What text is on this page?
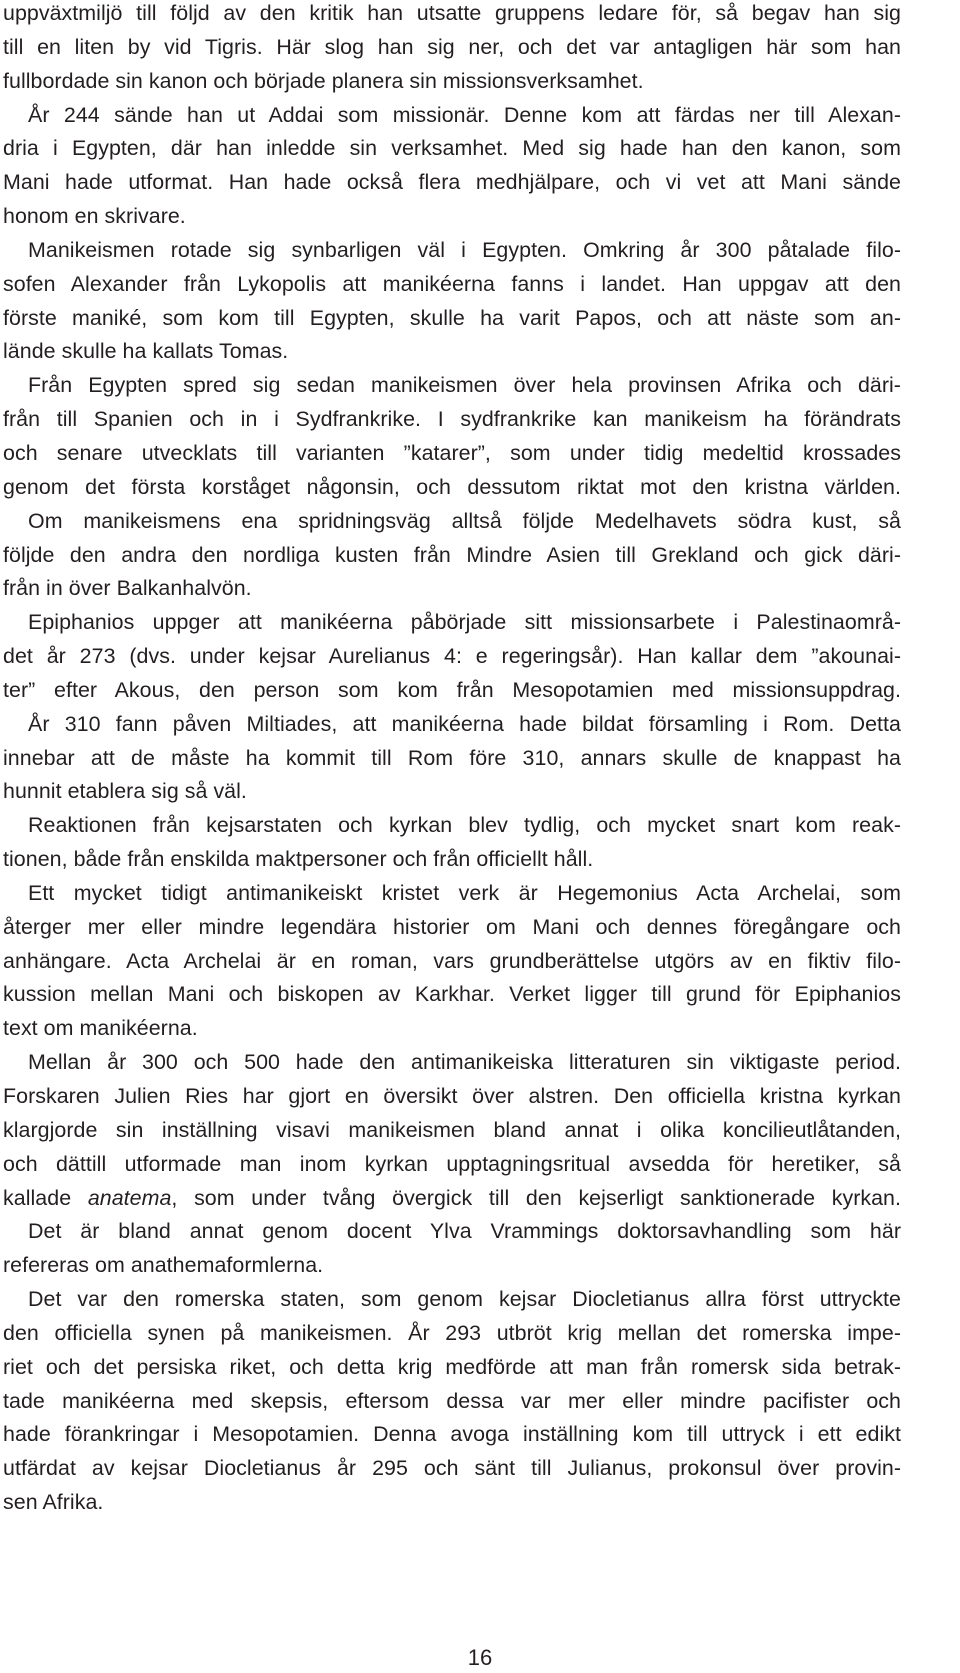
uppväxtmiljö till följd av den kritik han utsatte gruppens ledare för, så begav han sig
till en liten by vid Tigris. Här slog han sig ner, och det var antagligen här som han
fullbordade sin kanon och började planera sin missionsverksamhet.
År 244 sände han ut Addai som missionär. Denne kom att färdas ner till Alexan-
dria i Egypten, där han inledde sin verksamhet. Med sig hade han den kanon, som
Mani hade utformat. Han hade också flera medhjälpare, och vi vet att Mani sände
honom en skrivare.
Manikeismen rotade sig synbarligen väl i Egypten. Omkring år 300 påtalade filo-
sofen Alexander från Lykopolis att manikéerna fanns i landet. Han uppgav att den
förste maniké, som kom till Egypten, skulle ha varit Papos, och att näste som an-
lände skulle ha kallats Tomas.
Från Egypten spred sig sedan manikeismen över hela provinsen Afrika och däri-
från till Spanien och in i Sydfrankrike. I sydfrankrike kan manikeism ha förändrats
och senare utvecklats till varianten ”katarer”, som under tidig medeltid krossades
genom det första korståget någonsin, och dessutom riktat mot den kristna världen.
Om manikeismens ena spridningsväg alltså följde Medelhavets södra kust, så
följde den andra den nordliga kusten från Mindre Asien till Grekland och gick däri-
från in över Balkanhalvön.
Epiphanios uppger att manikéerna påbörjade sitt missionsarbete i Palestinaområ-
det år 273 (dvs. under kejsar Aurelianus 4: e regeringsår). Han kallar dem ”akounai-
ter” efter Akous, den person som kom från Mesopotamien med missionsuppdrag.
År 310 fann påven Miltiades, att manikéerna hade bildat församling i Rom. Detta
innebar att de måste ha kommit till Rom före 310, annars skulle de knappast ha
hunnit etablera sig så väl.
Reaktionen från kejsarstaten och kyrkan blev tydlig, och mycket snart kom reak-
tionen, både från enskilda maktpersoner och från officiellt håll.
Ett mycket tidigt antimanikeiskt kristet verk är Hegemonius Acta Archelai, som
återger mer eller mindre legendära historier om Mani och dennes föregångare och
anhängare. Acta Archelai är en roman, vars grundberättelse utgörs av en fiktiv filo-
kussion mellan Mani och biskopen av Karkhar. Verket ligger till grund för Epiphanios
text om manikéerna.
Mellan år 300 och 500 hade den antimanikeiska litteraturen sin viktigaste period.
Forskaren Julien Ries har gjort en översikt över alstren. Den officiella kristna kyrkan
klargjorde sin inställning visavi manikeismen bland annat i olika koncilieutlåtanden,
och dättill utformade man inom kyrkan upptagningsritual avsedda för heretiker, så
kallade anatema, som under tvång övergick till den kejserligt sanktionerade kyrkan.
Det är bland annat genom docent Ylva Vrammings doktorsavhandling som här
refereras om anathemaformlerna.
Det var den romerska staten, som genom kejsar Diocletianus allra först uttryckte
den officiella synen på manikeismen. År 293 utbröt krig mellan det romerska impe-
riet och det persiska riket, och detta krig medförde att man från romersk sida betrak-
tade manikéerna med skepsis, eftersom dessa var mer eller mindre pacifister och
hade förankringar i Mesopotamien. Denna avoga inställning kom till uttryck i ett edikt
utfärdat av kejsar Diocletianus år 295 och sänt till Julianus, prokonsul över provin-
sen Afrika.
16
